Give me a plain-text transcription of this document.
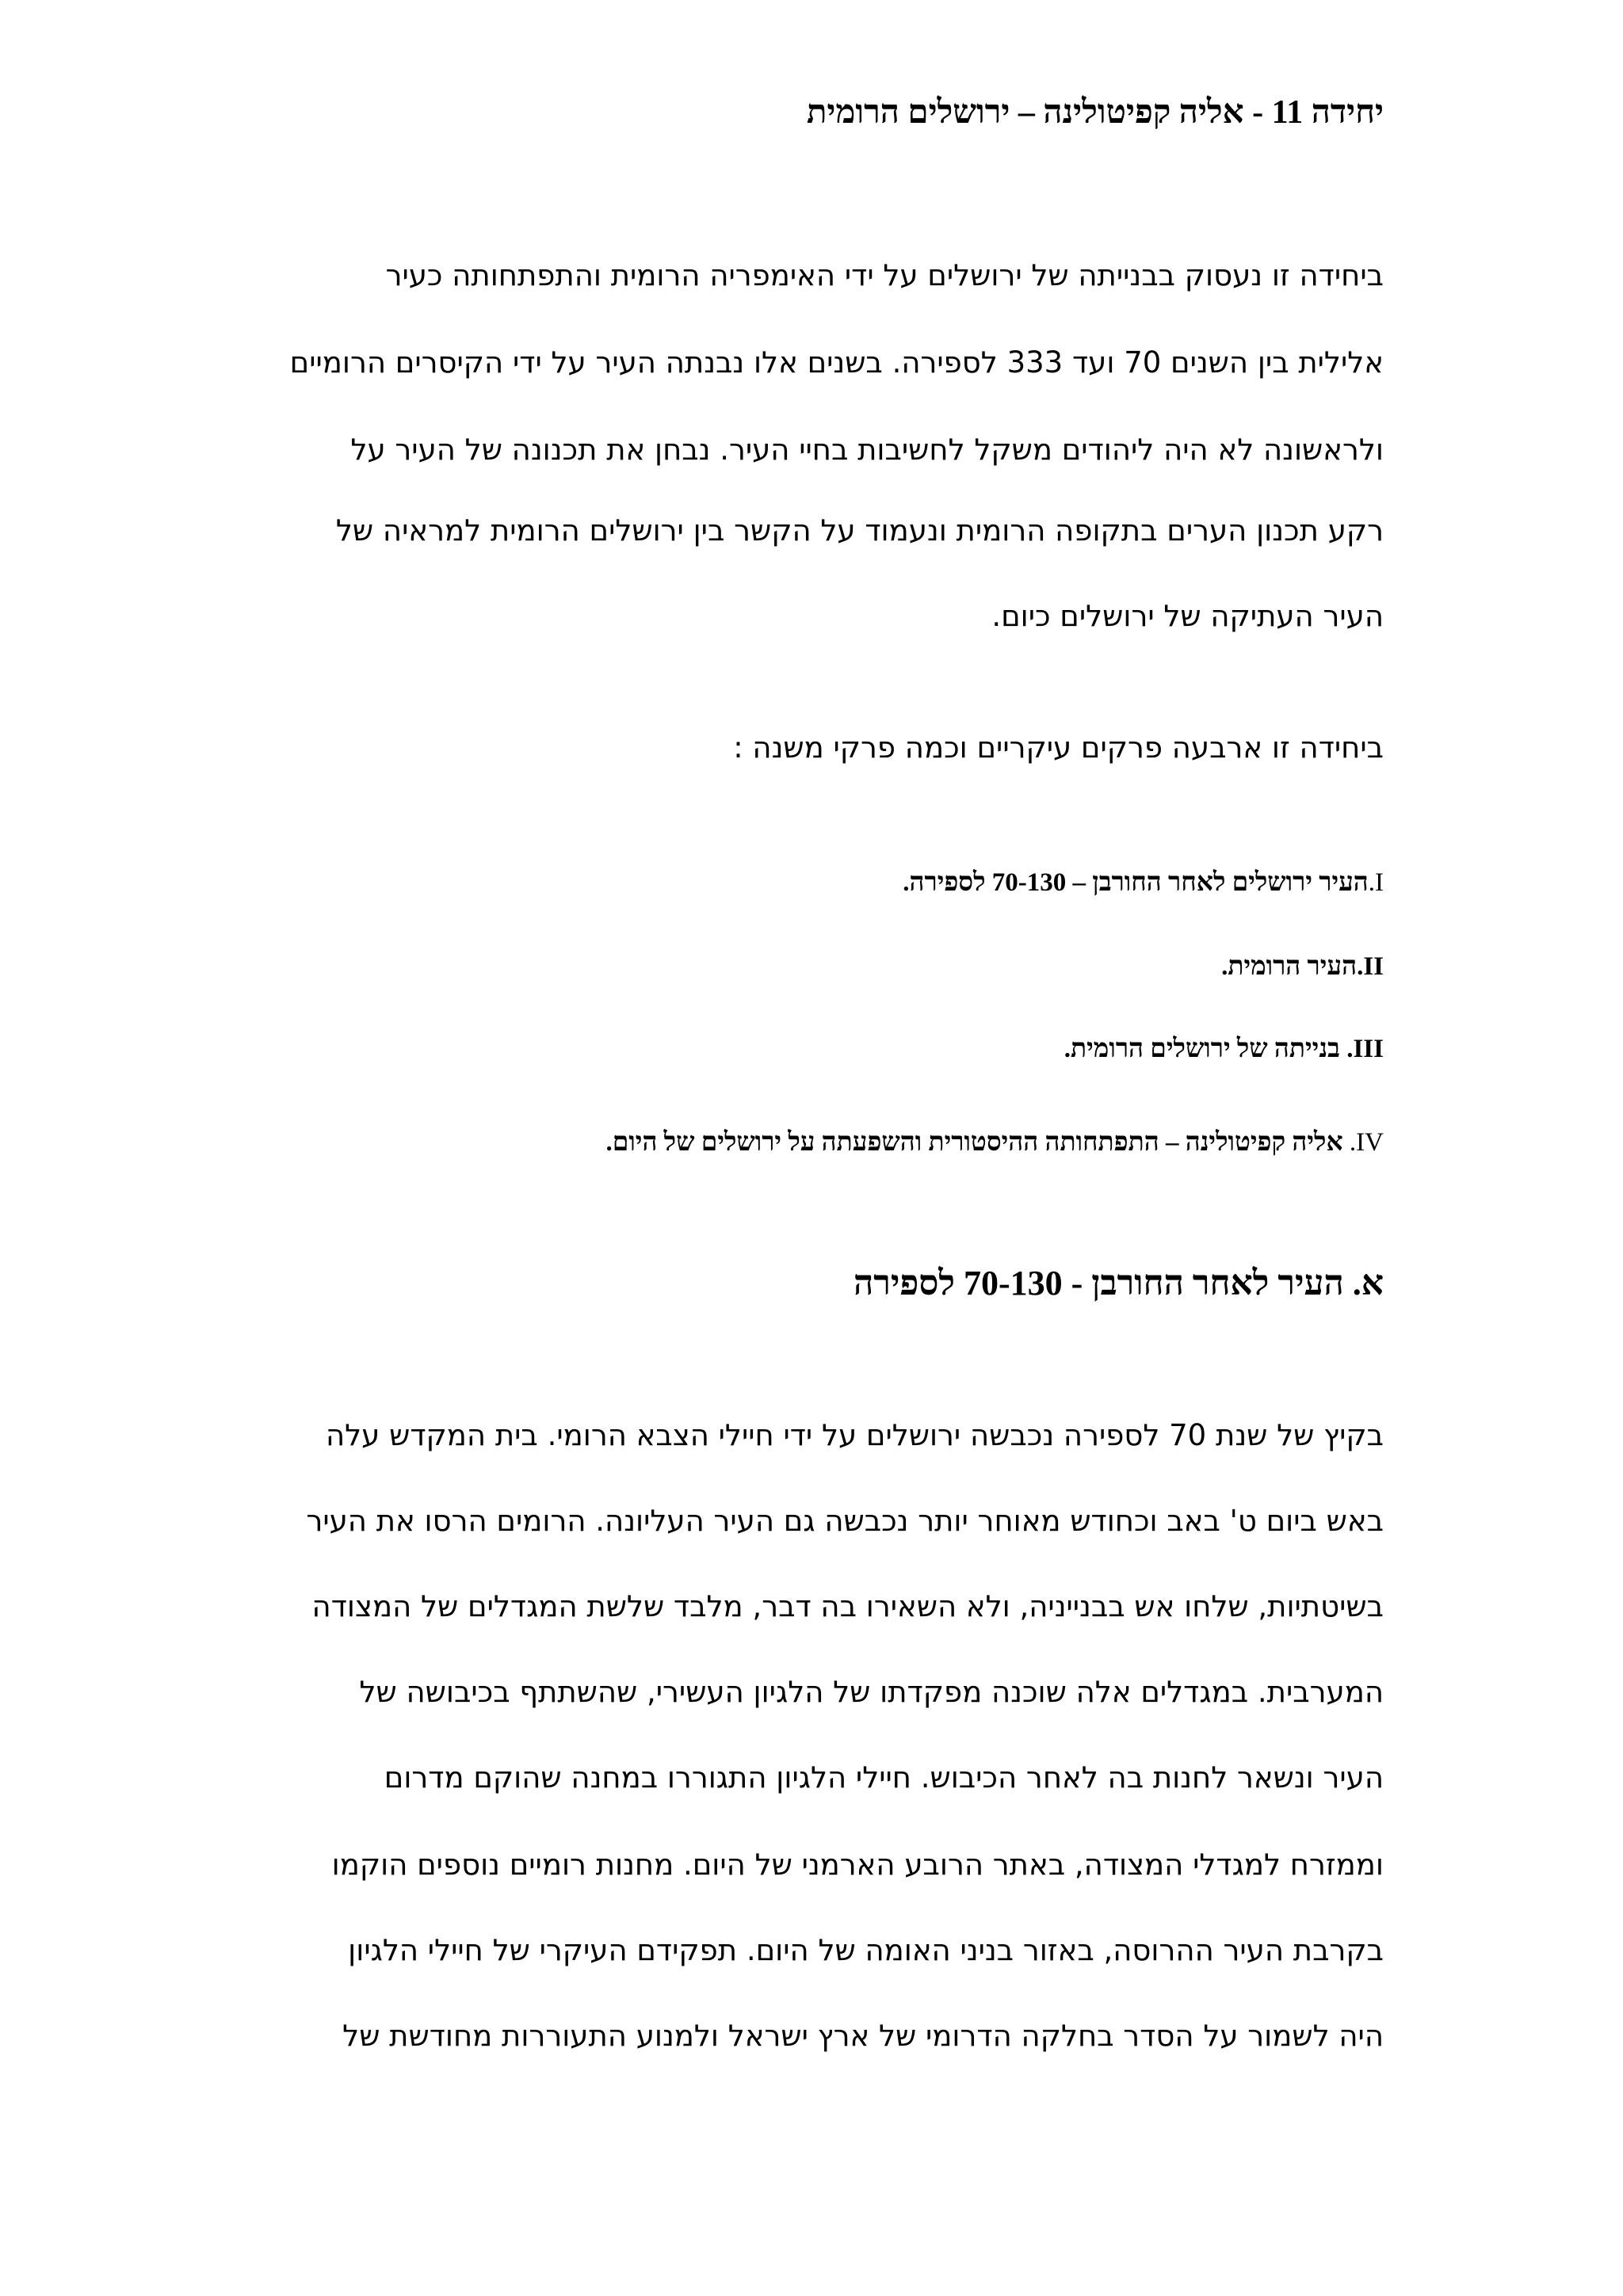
יחידה 11 - אליה קפיטולינה – ירושלים הרומית
ביחידה זו נעסוק בבנייתה של ירושלים על ידי האימפריה הרומית והתפתחותה כעיר
אלילית בין השנים 70 ועד 333 לספירה. בשנים אלו נבנתה העיר על ידי הקיסרים הרומיים
ולראשונה לא היה ליהודים משקל לחשיבות בחיי העיר. נבחן את תכנונה של העיר על
רקע תכנון הערים בתקופה הרומית ונעמוד על הקשר בין ירושלים הרומית למראיה של
העיר העתיקה של ירושלים כיום.
ביחידה זו ארבעה פרקים עיקריים וכמה פרקי משנה :
I.העיר ירושלים לאחר החורבן – 70-130 לספירה.
II.העיר הרומית.
III. בנייתה של ירושלים הרומית.
IV. אליה קפיטולינה – התפתחותה ההיסטורית והשפעתה על ירושלים של היום.
א. העיר לאחר החורבן - 70-130 לספירה
בקיץ של שנת 70 לספירה נכבשה ירושלים על ידי חיילי הצבא הרומי. בית המקדש עלה
באש ביום ט' באב וכחודש מאוחר יותר נכבשה גם העיר העליונה. הרומים הרסו את העיר
בשיטתיות, שלחו אש בבנייניה, ולא השאירו בה דבר, מלבד שלשת המגדלים של המצודה
המערבית. במגדלים אלה שוכנה מפקדתו של הלגיון העשירי, שהשתתף בכיבושה של
העיר ונשאר לחנות בה לאחר הכיבוש. חיילי הלגיון התגוררו במחנה שהוקם מדרום
וממזרח למגדלי המצודה, באתר הרובע הארמני של היום. מחנות רומיים נוספים הוקמו
בקרבת העיר ההרוסה, באזור בניני האומה של היום. תפקידם העיקרי של חיילי הלגיון
היה לשמור על הסדר בחלקה הדרומי של ארץ ישראל ולמנוע התעוררות מחודשת של
